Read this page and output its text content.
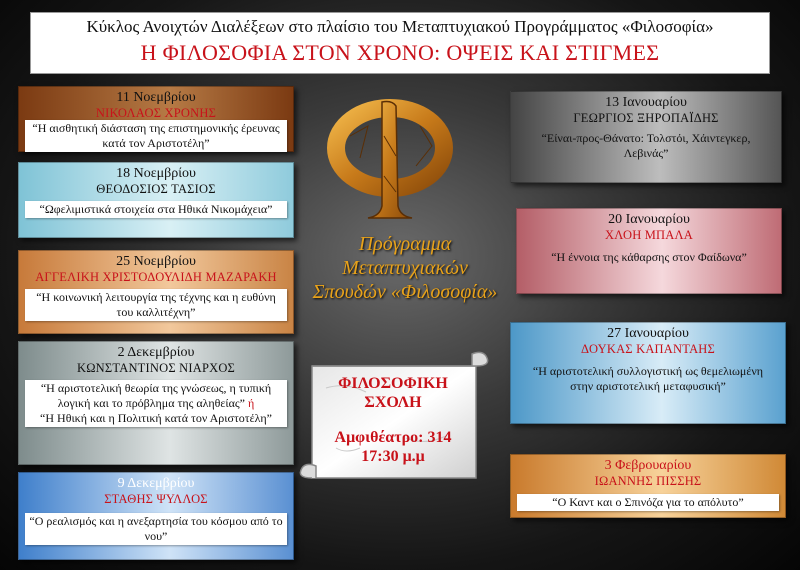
Κύκλος Ανοιχτών Διαλέξεων στο πλαίσιο του Μεταπτυχιακού Προγράμματος «Φιλοσοφία»
Η ΦΙΛΟΣΟΦΙΑ ΣΤΟΝ ΧΡΟΝΟ: ΟΨΕΙΣ ΚΑΙ ΣΤΙΓΜΕΣ
11 Νοεμβρίου
ΝΙΚΟΛΑΟΣ ΧΡΟΝΗΣ
“Η αισθητική διάσταση της επιστημονικής έρευνας κατά τον Αριστοτέλη”
18 Νοεμβρίου
ΘΕΟΔΟΣΙΟΣ ΤΑΣΙΟΣ
“Ωφελιμιστικά στοιχεία στα Ηθικά Νικομάχεια”
25 Νοεμβρίου
ΑΓΓΕΛΙΚΗ ΧΡΙΣΤΟΔΟΥΛΙΔΗ ΜΑΖΑΡΑΚΗ
“Η κοινωνική λειτουργία της τέχνης και η ευθύνη του καλλιτέχνη”
2 Δεκεμβρίου
ΚΩΝΣΤΑΝΤΙΝΟΣ ΝΙΑΡΧΟΣ
“Η αριστοτελική θεωρία της γνώσεως, η τυπική λογική και το πρόβλημα της αληθείας” ή
“Η Ηθική και η Πολιτική κατά τον Αριστοτέλη”
9 Δεκεμβρίου
ΣΤΑΘΗΣ ΨΥΛΛΟΣ
“Ο ρεαλισμός και η ανεξαρτησία του κόσμου από το νου”
13 Ιανουαρίου
ΓΕΩΡΓΙΟΣ ΞΗΡΟΠΑΪΔΗΣ
“Είναι-προς-Θάνατο: Τολστόι, Χάιντεγκερ, Λεβινάς”
20 Ιανουαρίου
ΧΛΟΗ ΜΠΑΛΑ
“Η έννοια της κάθαρσης στον Φαίδωνα”
27 Ιανουαρίου
ΔΟΥΚΑΣ ΚΑΠΑΝΤΑΗΣ
“Η αριστοτελική συλλογιστική ως θεμελιωμένη στην αριστοτελική μεταφυσική”
3 Φεβρουαρίου
ΙΩΑΝΝΗΣ ΠΙΣΣΗΣ
“Ο Καντ και ο Σπινόζα για το απόλυτο”
Πρόγραμμα
Μεταπτυχιακών
Σπουδών «Φιλοσοφία»
ΦΙΛΟΣΟΦΙΚΗ
ΣΧΟΛΗ
Αμφιθέατρο: 314
17:30 μ.μ
